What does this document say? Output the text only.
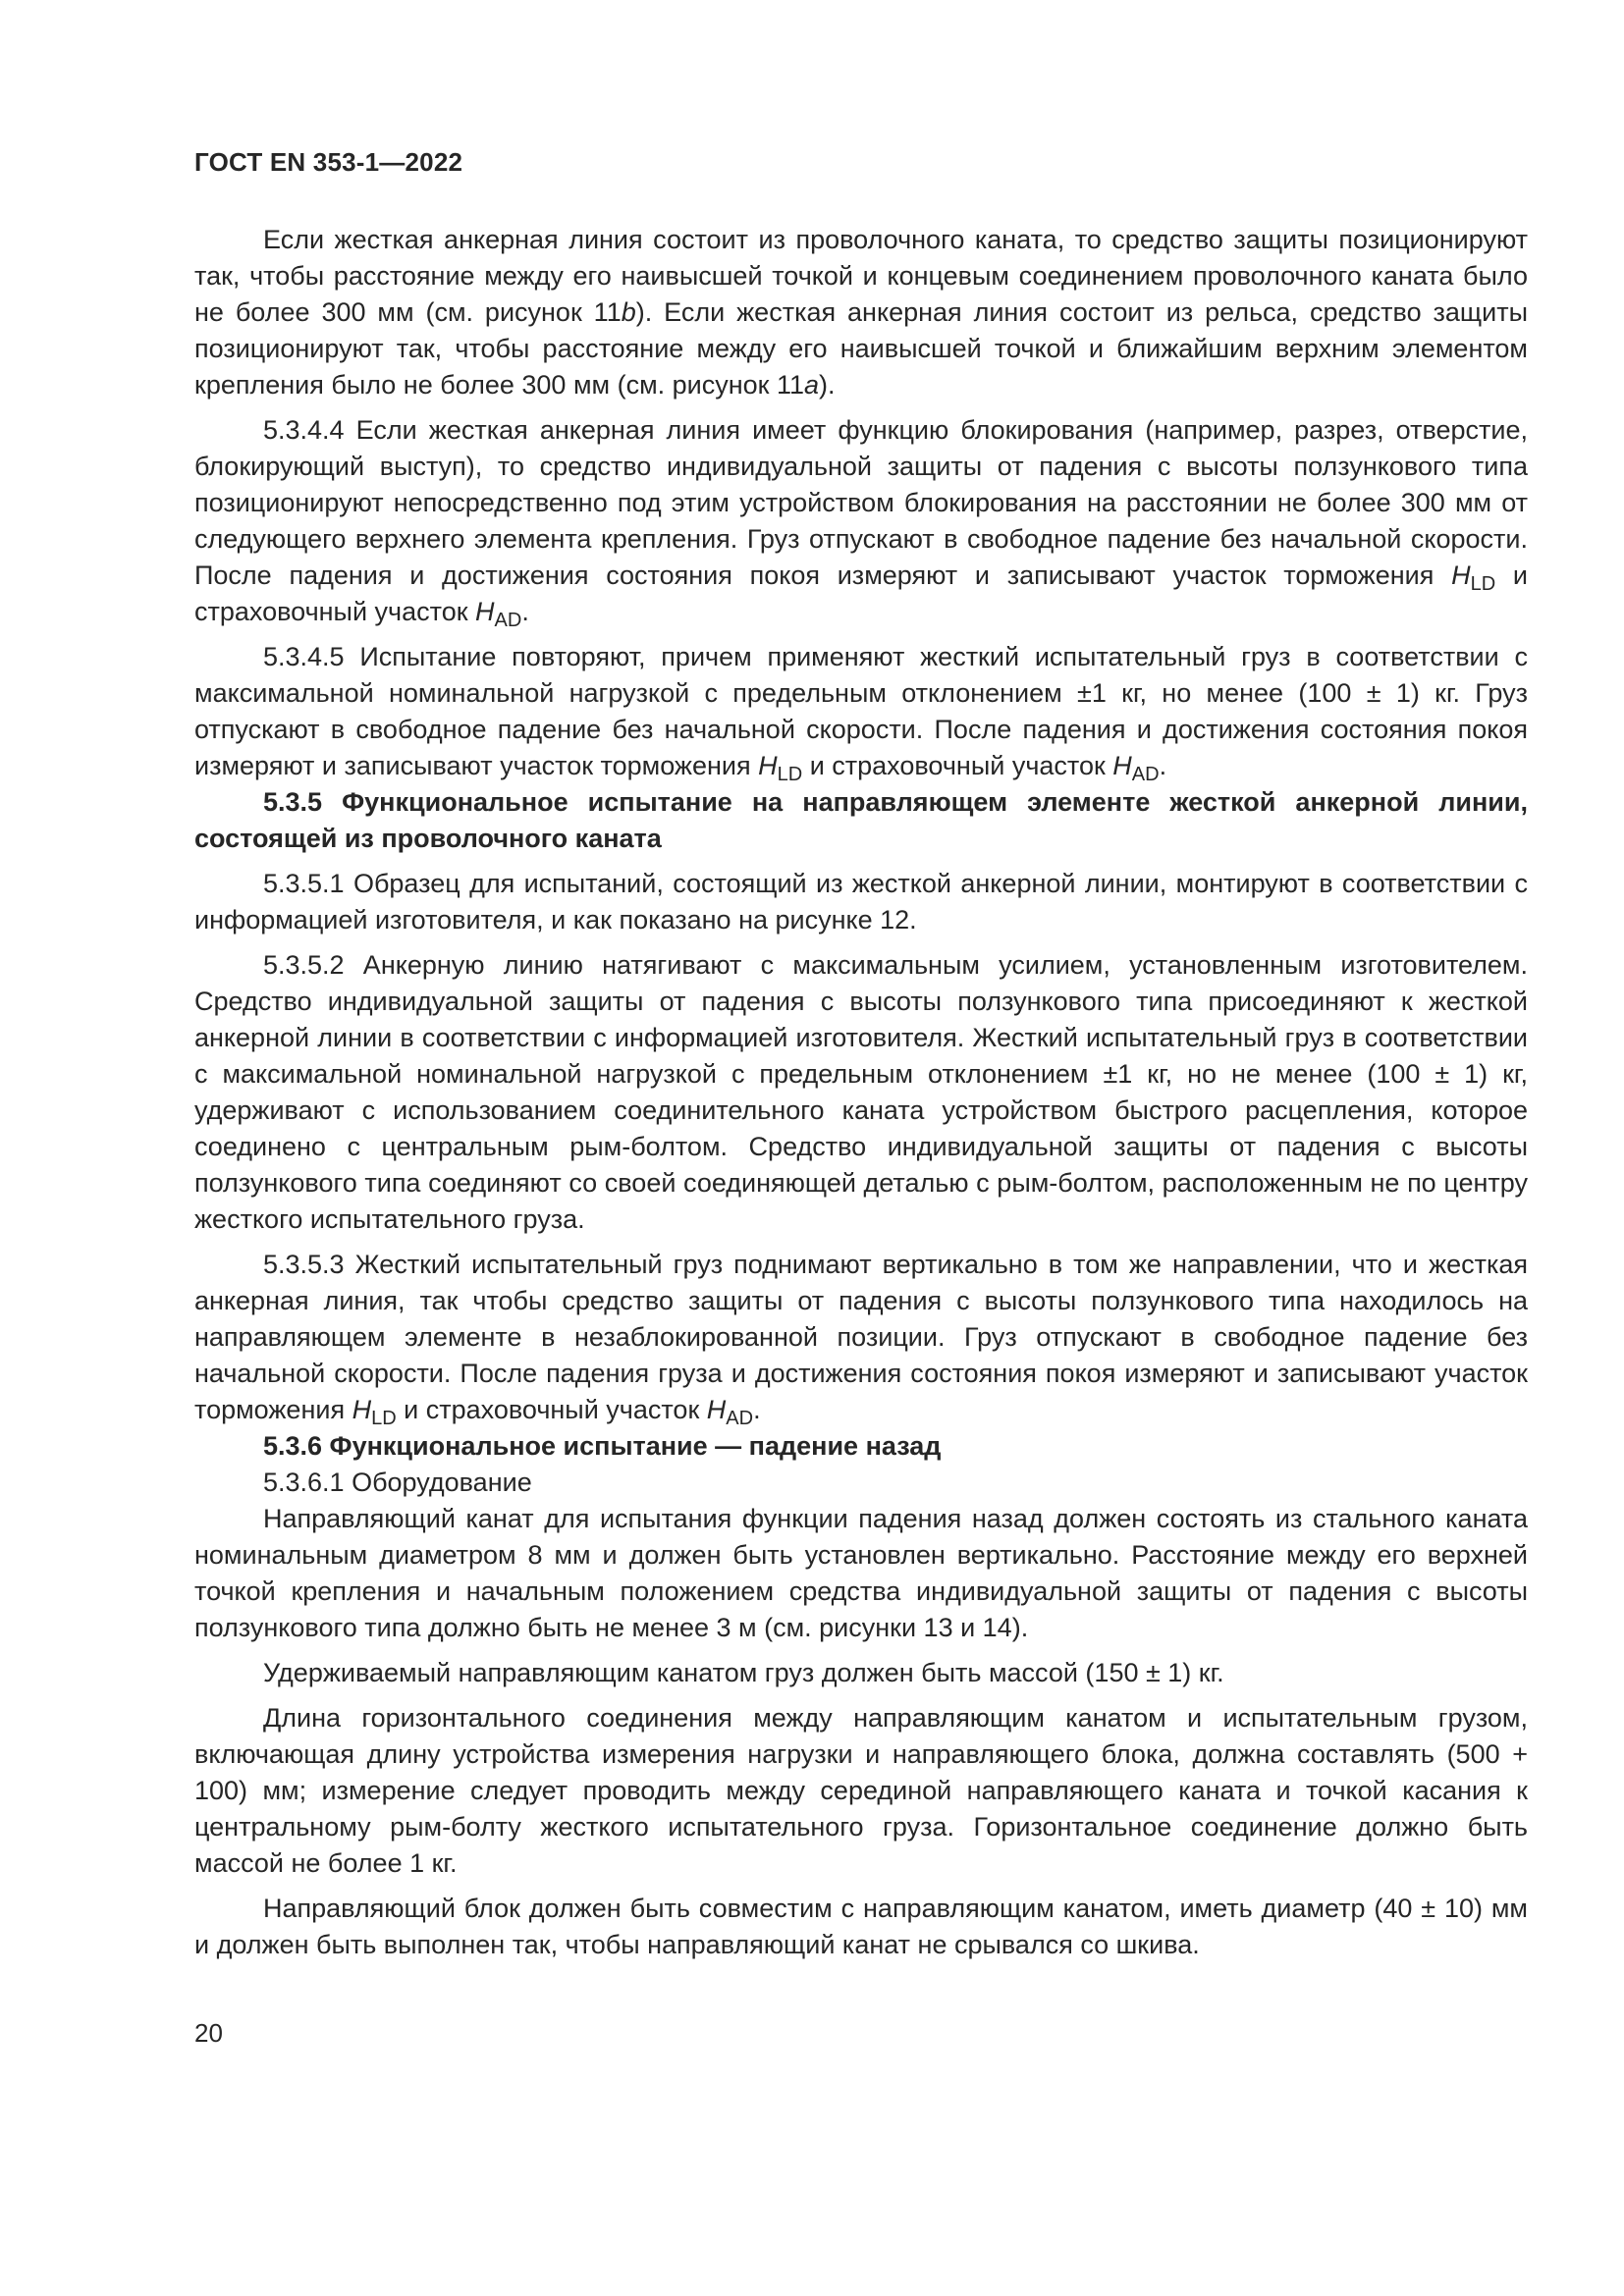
ГОСТ EN 353-1—2022

Если жесткая анкерная линия состоит из проволочного каната, то средство защиты позиционируют так, чтобы расстояние между его наивысшей точкой и концевым соединением проволочного каната было не более 300 мм (см. рисунок 11b). Если жесткая анкерная линия состоит из рельса, средство защиты позиционируют так, чтобы расстояние между его наивысшей точкой и ближайшим верхним элементом крепления было не более 300 мм (см. рисунок 11a).

5.3.4.4 Если жесткая анкерная линия имеет функцию блокирования (например, разрез, отверстие, блокирующий выступ), то средство индивидуальной защиты от падения с высоты ползункового типа позиционируют непосредственно под этим устройством блокирования на расстоянии не более 300 мм от следующего верхнего элемента крепления. Груз отпускают в свободное падение без начальной скорости. После падения и достижения состояния покоя измеряют и записывают участок торможения $H_{LD}$ и страховочный участок $H_{AD}$.

5.3.4.5 Испытание повторяют, причем применяют жесткий испытательный груз в соответствии с максимальной номинальной нагрузкой с предельным отклонением ±1 кг, но менее (100 ± 1) кг. Груз отпускают в свободное падение без начальной скорости. После падения и достижения состояния покоя измеряют и записывают участок торможения $H_{LD}$ и страховочный участок $H_{AD}$.

5.3.5 Функциональное испытание на направляющем элементе жесткой анкерной линии, состоящей из проволочного каната

5.3.5.1 Образец для испытаний, состоящий из жесткой анкерной линии, монтируют в соответствии с информацией изготовителя, и как показано на рисунке 12.

5.3.5.2 Анкерную линию натягивают с максимальным усилием, установленным изготовителем. Средство индивидуальной защиты от падения с высоты ползункового типа присоединяют к жесткой анкерной линии в соответствии с информацией изготовителя. Жесткий испытательный груз в соответствии с максимальной номинальной нагрузкой с предельным отклонением ±1 кг, но не менее (100 ± 1) кг, удерживают с использованием соединительного каната устройством быстрого расцепления, которое соединено с центральным рым-болтом. Средство индивидуальной защиты от падения с высоты ползункового типа соединяют со своей соединяющей деталью с рым-болтом, расположенным не по центру жесткого испытательного груза.

5.3.5.3 Жесткий испытательный груз поднимают вертикально в том же направлении, что и жесткая анкерная линия, так чтобы средство защиты от падения с высоты ползункового типа находилось на направляющем элементе в незаблокированной позиции. Груз отпускают в свободное падение без начальной скорости. После падения груза и достижения состояния покоя измеряют и записывают участок торможения $H_{LD}$ и страховочный участок $H_{AD}$.

5.3.6 Функциональное испытание — падение назад

5.3.6.1 Оборудование

Направляющий канат для испытания функции падения назад должен состоять из стального каната номинальным диаметром 8 мм и должен быть установлен вертикально. Расстояние между его верхней точкой крепления и начальным положением средства индивидуальной защиты от падения с высоты ползункового типа должно быть не менее 3 м (см. рисунки 13 и 14).

Удерживаемый направляющим канатом груз должен быть массой (150 ± 1) кг.

Длина горизонтального соединения между направляющим канатом и испытательным грузом, включающая длину устройства измерения нагрузки и направляющего блока, должна составлять (500 + 100) мм; измерение следует проводить между серединой направляющего каната и точкой касания к центральному рым-болту жесткого испытательного груза. Горизонтальное соединение должно быть массой не более 1 кг.

Направляющий блок должен быть совместим с направляющим канатом, иметь диаметр (40 ± 10) мм и должен быть выполнен так, чтобы направляющий канат не срывался со шкива.

20
